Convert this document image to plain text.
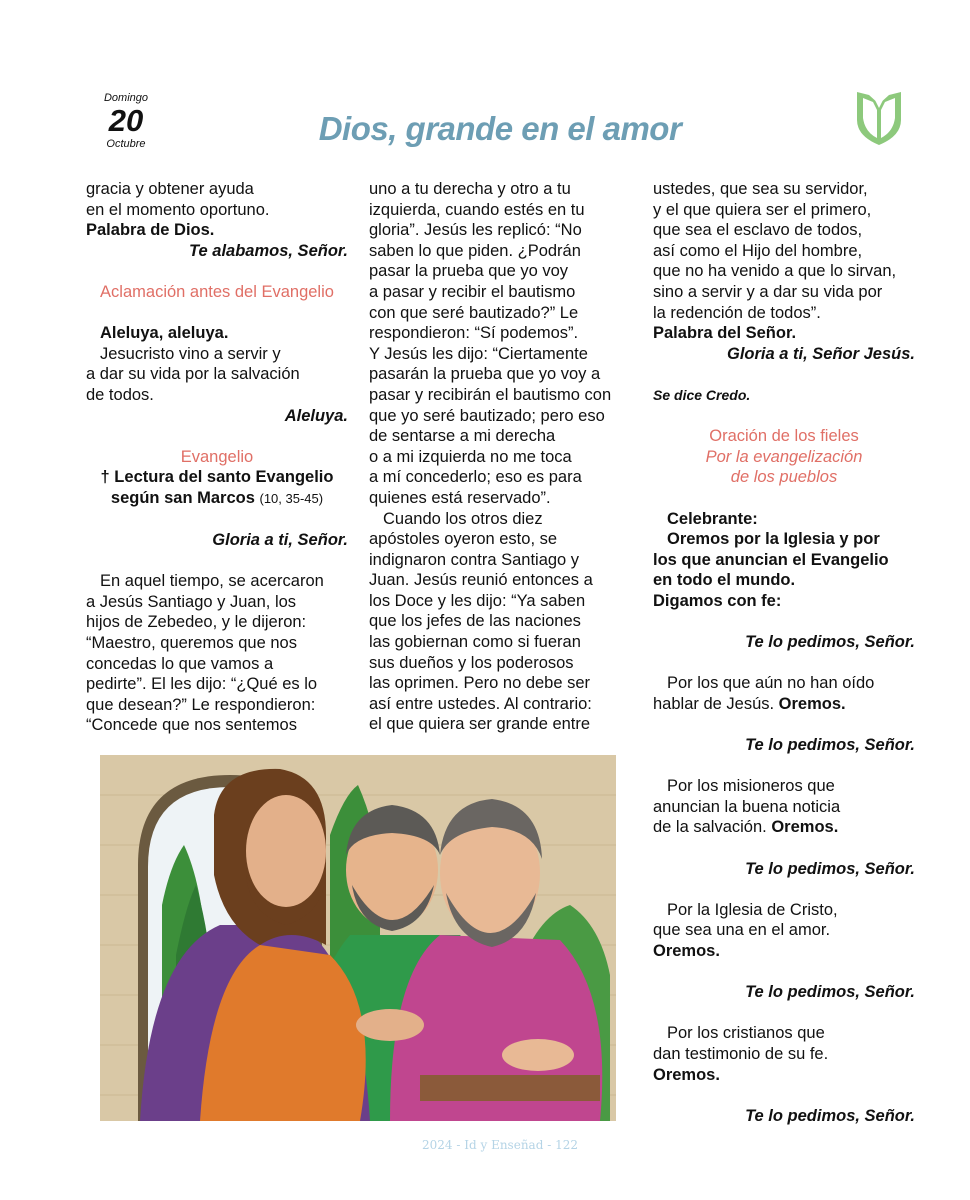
Domingo
20
Octubre	Dios, grande en el amor

gracia y obtener ayuda

en el momento oportuno.

Palabra de Dios.

Te alabamos, Señor.

Aclamación antes del Evangelio

Aleluya, aleluya.

Jesucristo vino a servir y

a dar su vida por la salvación

de todos.

Aleluya.

Evangelio

† Lectura del santo Evangelio

según san Marcos (10, 35-45)

Gloria a ti, Señor.

En aquel tiempo, se acercaron

a Jesús Santiago y Juan, los

hijos de Zebedeo, y le dijeron:

“Maestro, queremos que nos

concedas lo que vamos a

pedirte”. El les dijo: “¿Qué es lo

que desean?” Le respondieron:

“Concede que nos sentemos

uno a tu derecha y otro a tu

izquierda, cuando estés en tu

gloria”. Jesús les replicó: “No

saben lo que piden. ¿Podrán

pasar la prueba que yo voy

a pasar y recibir el bautismo

con que seré bautizado?” Le

respondieron: “Sí podemos”.

Y Jesús les dijo: “Ciertamente

pasarán la prueba que yo voy a

pasar y recibirán el bautismo con

que yo seré bautizado; pero eso

de sentarse a mi derecha

o a mi izquierda no me toca

a mí concederlo; eso es para

quienes está reservado”.

Cuando los otros diez

apóstoles oyeron esto, se

indignaron contra Santiago y

Juan. Jesús reunió entonces a

los Doce y les dijo: “Ya saben

que los jefes de las naciones

las gobiernan como si fueran

sus dueños y los poderosos

las oprimen. Pero no debe ser

así entre ustedes. Al contrario:

el que quiera ser grande entre

ustedes, que sea su servidor,

y el que quiera ser el primero,

que sea el esclavo de todos,

así como el Hijo del hombre,

que no ha venido a que lo sirvan,

sino a servir y a dar su vida por

la redención de todos”.

Palabra del Señor.

Gloria a ti, Señor Jesús.

Se dice Credo.

Oración de los fieles

Por la evangelización

de los pueblos

Celebrante:

Oremos por la Iglesia y por

los que anuncian el Evangelio

en todo el mundo.

Digamos con fe:

Te lo pedimos, Señor.

Por los que aún no han oído

hablar de Jesús. Oremos.

Te lo pedimos, Señor.

Por los misioneros que

anuncian la buena noticia

de la salvación. Oremos.

Te lo pedimos, Señor.

Por la Iglesia de Cristo,

que sea una en el amor.

Oremos.

Te lo pedimos, Señor.

Por los cristianos que

dan testimonio de su fe.

Oremos.

Te lo pedimos, Señor.

2024 - Id y Enseñad - 122
